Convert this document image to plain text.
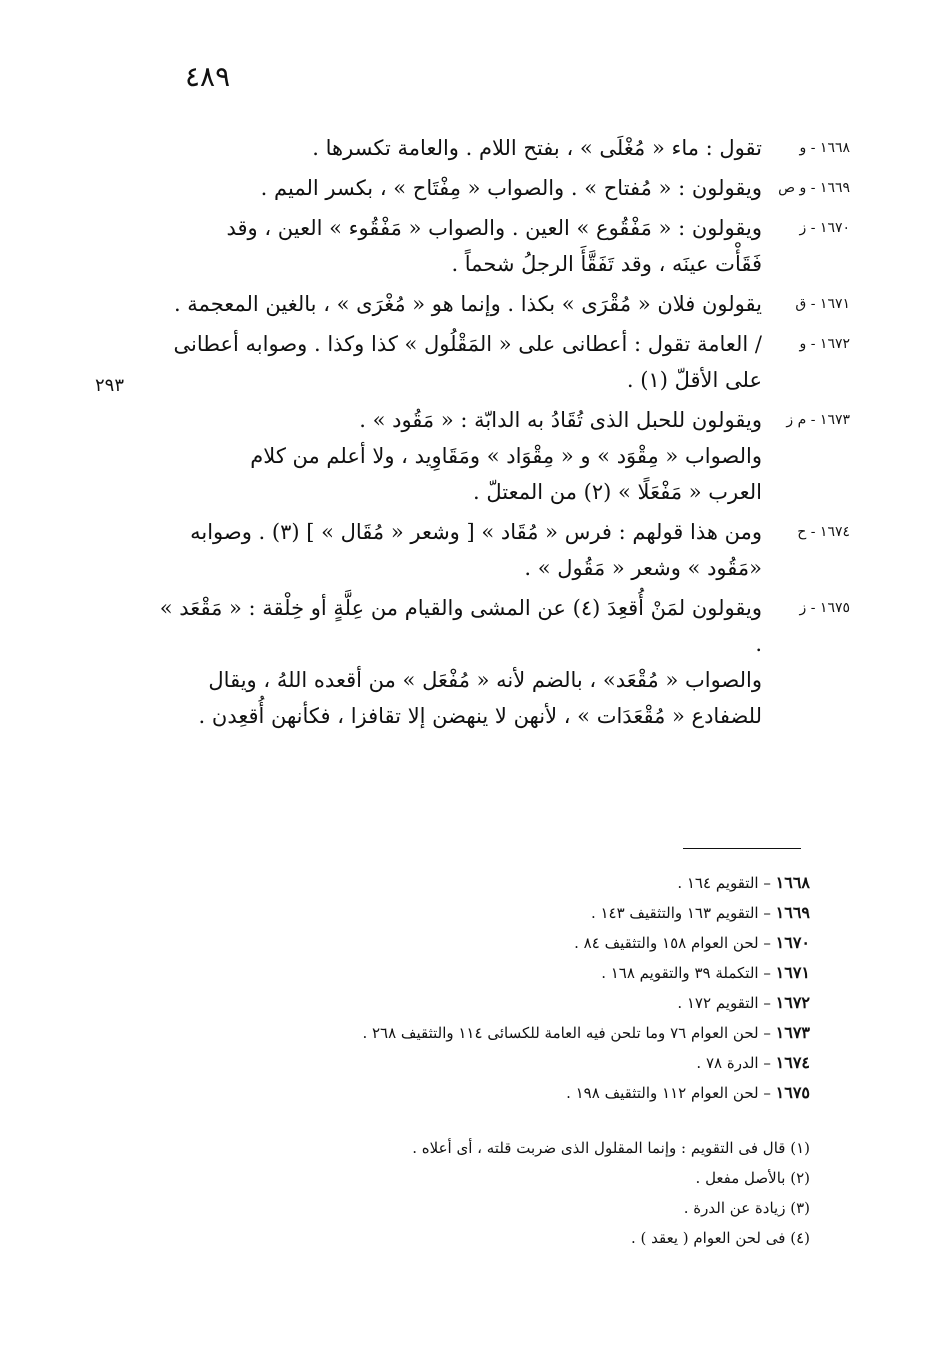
٤٨٩
٢٩٣
١٦٦٨ - و
تقول : ماء « مُغْلَى » ، بفتح اللام . والعامة تكسرها .
١٦٦٩ - و ص
ويقولون : « مُفتاح » . والصواب « مِفْتَاح » ، بكسر الميم .
١٦٧٠ - ز
ويقولون : « مَفْقُوع » العين . والصواب « مَفْقُوء » العين ، وقد
فَقَأْت عينَه ، وقد تَفَقَّأَ الرجلُ شحماً .
١٦٧١ - ق
يقولون فلان « مُقْرَى » بكذا . وإنما هو « مُغْرَى » ، بالغين المعجمة .
١٦٧٢ - و
/ العامة تقول : أعطانى على « المَقْلُول » كذا وكذا . وصوابه أعطانى
على الأقلّ (١) .
١٦٧٣ - م ز
ويقولون للحبل الذى تُقَادُ به الدابّة : « مَقُود » .
والصواب « مِقْوَد » و « مِقْوَاد » ومَقَاوِيد ، ولا أعلم من كلام
العرب « مَفْعَلًا » (٢) من المعتلّ .
١٦٧٤ - ح
ومن هذا قولهم : فرس « مُقَاد » [ وشعر « مُقَال » ] (٣) . وصوابه
«مَقُود » وشعر « مَقُول » .
١٦٧٥ - ز
ويقولون لمَنْ أُقعِدَ (٤) عن المشى والقيام من عِلَّةٍ أو خِلْقة : « مَقْعَد » .
والصواب « مُقْعَد» ، بالضم لأنه « مُفْعَل » من أقعده اللهُ ، ويقال
للضفادع « مُقْعَدَات » ، لأنهن لا ينهضن إلا تقافزا ، فكأنهن أُقعِدن .
١٦٦٨ – التقويم ١٦٤ .
١٦٦٩ – التقويم ١٦٣ والتثقيف ١٤٣ .
١٦٧٠ – لحن العوام ١٥٨ والتثقيف ٨٤ .
١٦٧١ – التكملة ٣٩ والتقويم ١٦٨ .
١٦٧٢ – التقويم ١٧٢ .
١٦٧٣ – لحن العوام ٧٦ وما تلحن فيه العامة للكسائى ١١٤ والتثقيف ٢٦٨ .
١٦٧٤ – الدرة ٧٨ .
١٦٧٥ – لحن العوام ١١٢ والتثقيف ١٩٨ .
(١) قال فى التقويم : وإنما المقلول الذى ضربت قلته ، أى أعلاه .
(٢) بالأصل مفعل .
(٣) زيادة عن الدرة .
(٤) فى لحن العوام ( يعقد ) .
